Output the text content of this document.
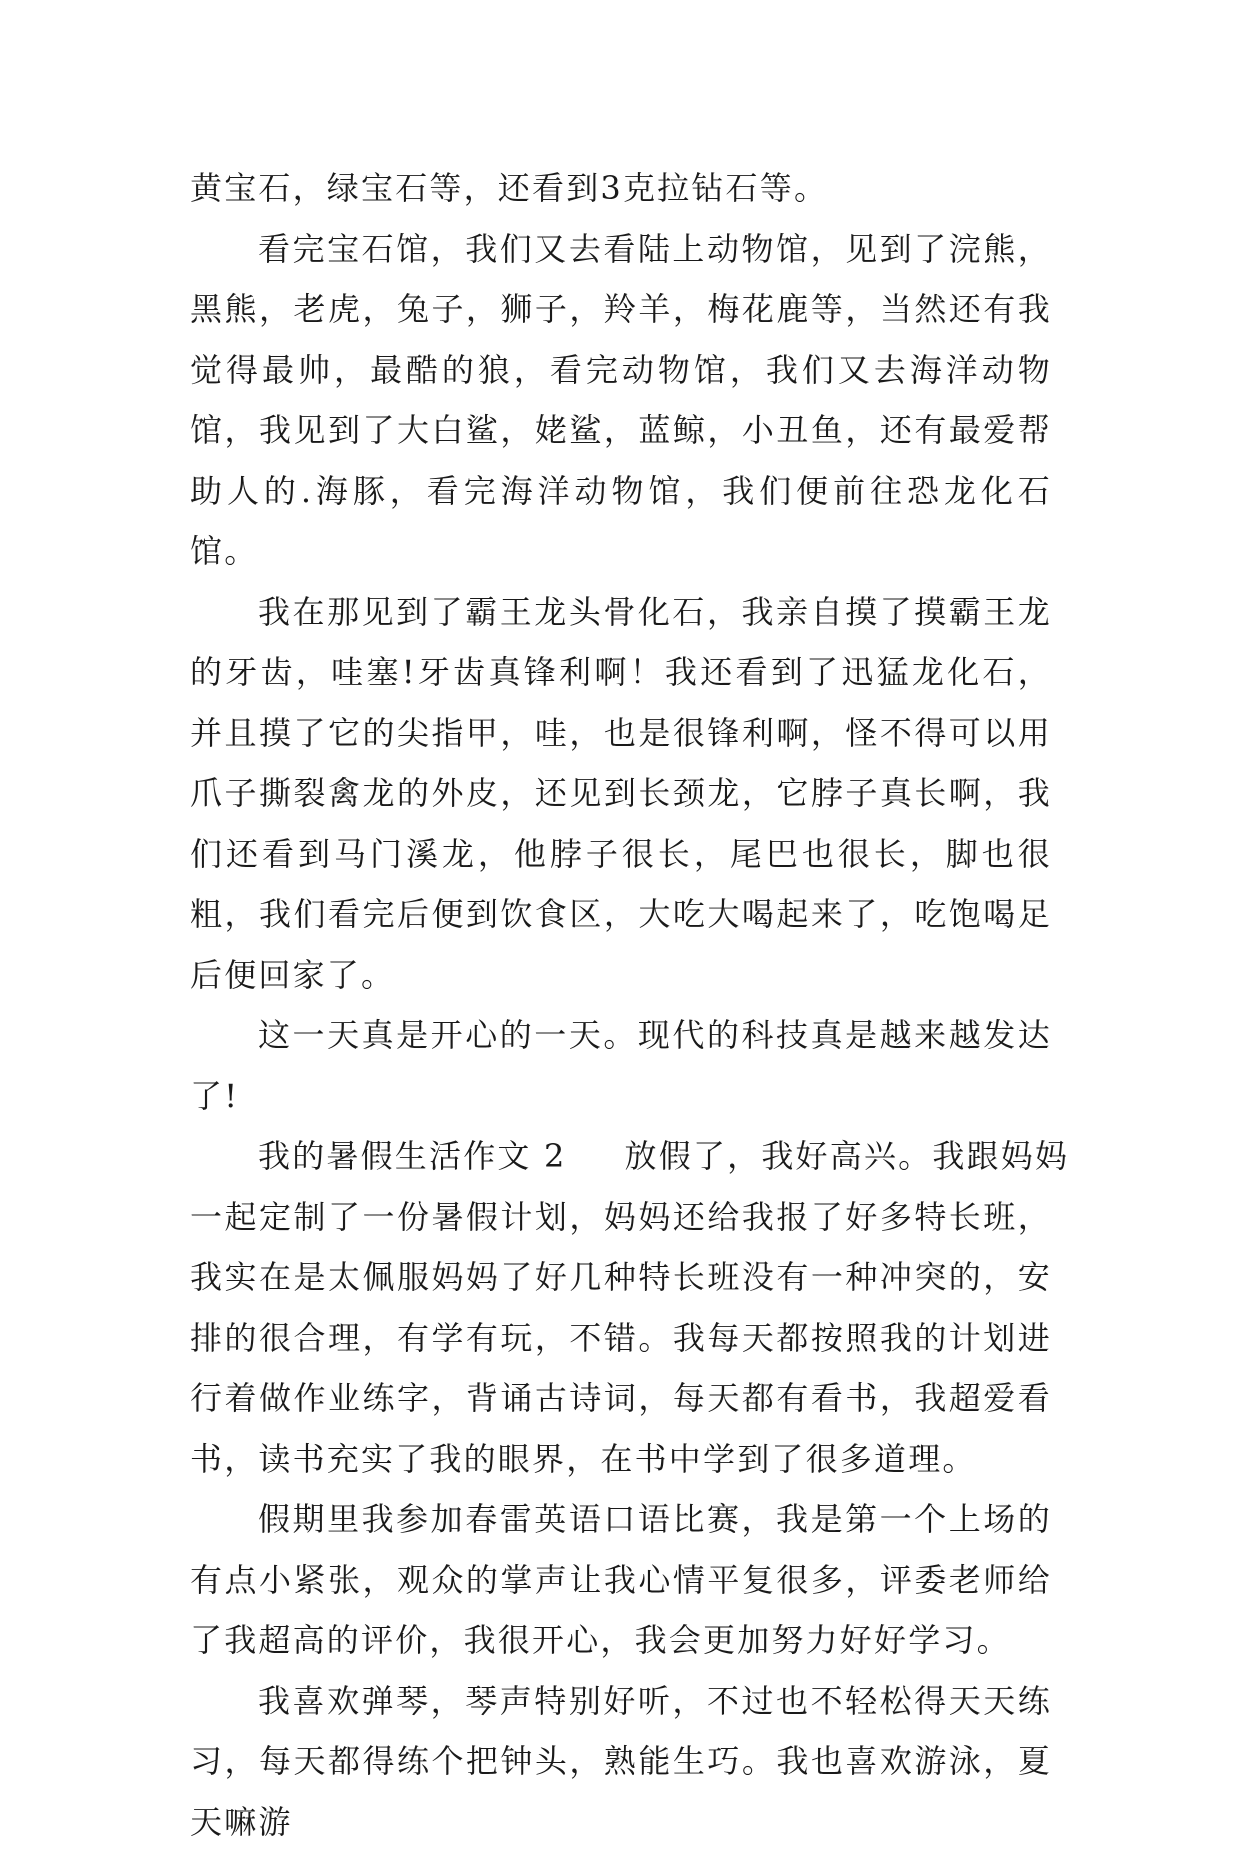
黄宝石，绿宝石等，还看到3克拉钻石等。

看完宝石馆，我们又去看陆上动物馆，见到了浣熊，黑熊，老虎，兔子，狮子，羚羊，梅花鹿等，当然还有我觉得最帅，最酷的狼，看完动物馆，我们又去海洋动物馆，我见到了大白鲨，姥鲨，蓝鲸，小丑鱼，还有最爱帮助人的.海豚，看完海洋动物馆，我们便前往恐龙化石馆。

我在那见到了霸王龙头骨化石，我亲自摸了摸霸王龙的牙齿，哇塞!牙齿真锋利啊！我还看到了迅猛龙化石，并且摸了它的尖指甲，哇，也是很锋利啊，怪不得可以用爪子撕裂禽龙的外皮，还见到长颈龙，它脖子真长啊，我们还看到马门溪龙，他脖子很长，尾巴也很长，脚也很粗，我们看完后便到饮食区，大吃大喝起来了，吃饱喝足后便回家了。

这一天真是开心的一天。现代的科技真是越来越发达了!

我的暑假生活作文 2 放假了，我好高兴。我跟妈妈

一起定制了一份暑假计划，妈妈还给我报了好多特长班，我实在是太佩服妈妈了好几种特长班没有一种冲突的，安排的很合理，有学有玩，不错。我每天都按照我的计划进行着做作业练字，背诵古诗词，每天都有看书，我超爱看书，读书充实了我的眼界，在书中学到了很多道理。

假期里我参加春雷英语口语比赛，我是第一个上场的有点小紧张，观众的掌声让我心情平复很多，评委老师给了我超高的评价，我很开心，我会更加努力好好学习。

我喜欢弹琴，琴声特别好听，不过也不轻松得天天练习，每天都得练个把钟头，熟能生巧。我也喜欢游泳，夏天嘛游
